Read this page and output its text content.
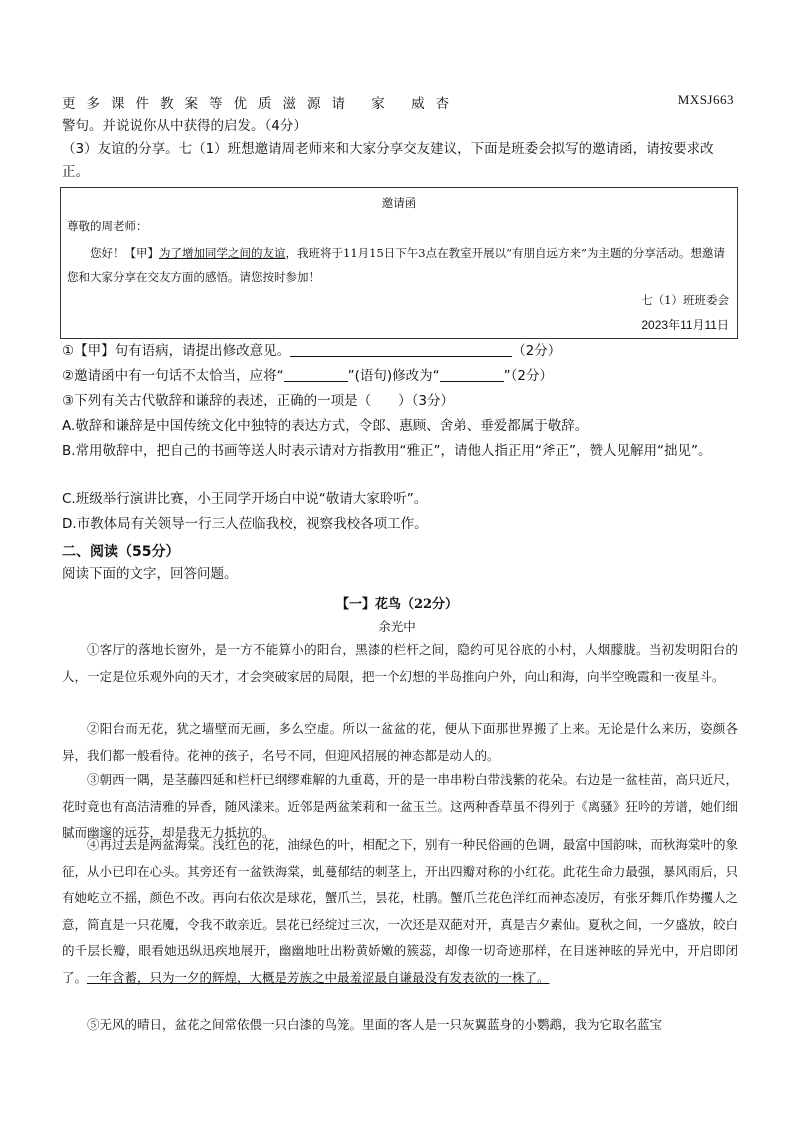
更多课件教案等优质滋源请 家 威杏	MXSJ663
警句。并说说你从中获得的启发。（4分）
（3）友谊的分享。七（1）班想邀请周老师来和大家分享交友建议，下面是班委会拟写的邀请函，请按要求改正。
邀请函
尊敬的周老师：
您好！【甲】为了增加同学之间的友谊，我班将于11月15日下午3点在教室开展以“有朋自远方来”为主题的分享活动。想邀请您和大家分享在交友方面的感悟。请您按时参加！
七（1）班班委会
2023年11月11日
①【甲】句有语病，请提出修改意见。	（2分）
②邀请函中有一句话不太恰当，应将“	”(语句)修改为“	”（2分）
③下列有关古代敬辞和谦辞的表述，正确的一项是（　　）（3分）
A.敬辞和谦辞是中国传统文化中独特的表达方式，令郎、惠顾、舍弟、垂爱都属于敬辞。
B.常用敬辞中，把自己的书画等送人时表示请对方指教用“雅正”，请他人指正用“斧正”，赞人见解用“拙见”。
C.班级举行演讲比赛，小王同学开场白中说“敬请大家聆听”。
D.市教体局有关领导一行三人莅临我校，视察我校各项工作。
二、阅读（55分）
阅读下面的文字，回答问题。
【一】花鸟（22分）
余光中
①客厅的落地长窗外，是一方不能算小的阳台，黑漆的栏杆之间，隐约可见谷底的小村，人烟朦胧。当初发明阳台的人，一定是位乐观外向的天才，才会突破家居的局限，把一个幻想的半岛推向户外，向山和海，向半空晚霞和一夜星斗。
②阳台而无花，犹之墙壁而无画，多么空虚。所以一盆盆的花，便从下面那世界搬了上来。无论是什么来历，姿颜各异，我们都一般看待。花神的孩子，名号不同，但迎风招展的神态都是动人的。
③朝西一隅，是茎藤四延和栏杆已纲缪难解的九重葛，开的是一串串粉白带浅紫的花朵。右边是一盆桂苗，高只近尺，花时竟也有高洁清雅的异香，随风漾来。近邻是两盆茉莉和一盆玉兰。这两种香草虽不得列于《离骚》狂吟的芳谱，她们细腻而幽邃的远芬，却是我无力抵抗的。
④再过去是两盆海棠。浅红色的花，油绿色的叶，相配之下，别有一种民俗画的色调，最富中国韵味，而秋海棠叶的象征，从小已印在心头。其旁还有一盆铁海棠，虬蔓郁结的刺茎上，开出四瓣对称的小红花。此花生命力最强，暴风雨后，只有她屹立不摇，颜色不改。再向右依次是球花，蟹爪兰，昙花，杜鹃。蟹爪兰花色洋红而神态凌厉，有张牙舞爪作势攫人之意，简直是一只花魇，令我不敢亲近。昙花已经绽过三次，一次还是双葩对开，真是吉夕素仙。夏秋之间，一夕盛放，皎白的千层长瓣，眼看她迅纵迅疾地展开，幽幽地吐出粉黄娇嫩的簇蕊，却像一切奇迹那样，在目迷神眩的异光中，开启即闭了。一年含蓄，只为一夕的辉煌，大概是芳族之中最羞涩最自谦最没有发表欲的一株了。
⑤无风的晴日，盆花之间常依偎一只白漆的鸟笼。里面的客人是一只灰翼蓝身的小鹦鹉，我为它取名蓝宝
